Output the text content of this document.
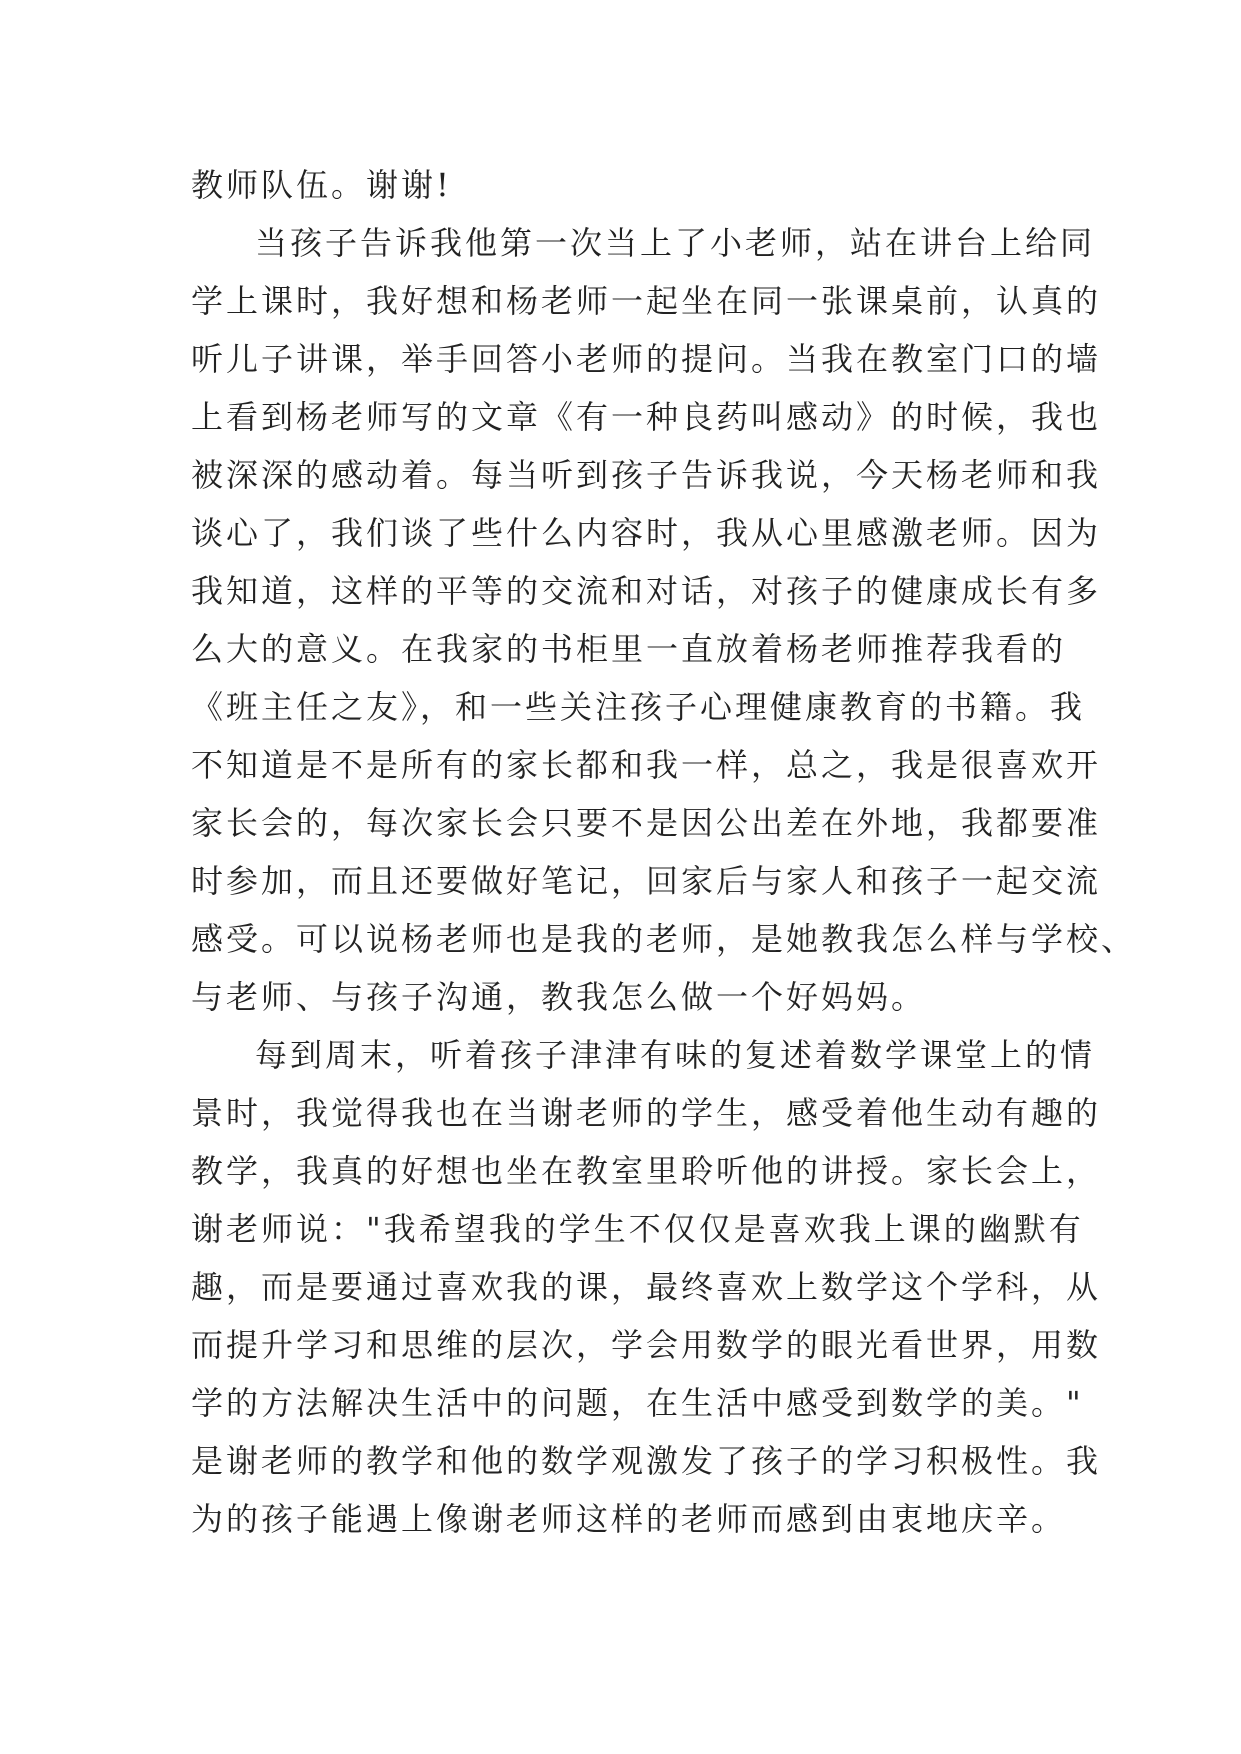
教师队伍。谢谢!
当孩子告诉我他第一次当上了小老师，站在讲台上给同
学上课时，我好想和杨老师一起坐在同一张课桌前，认真的
听儿子讲课，举手回答小老师的提问。当我在教室门口的墙
上看到杨老师写的文章《有一种良药叫感动》的时候，我也
被深深的感动着。每当听到孩子告诉我说，今天杨老师和我
谈心了，我们谈了些什么内容时，我从心里感激老师。因为
我知道，这样的平等的交流和对话，对孩子的健康成长有多
么大的意义。在我家的书柜里一直放着杨老师推荐我看的
《班主任之友》，和一些关注孩子心理健康教育的书籍。我
不知道是不是所有的家长都和我一样，总之，我是很喜欢开
家长会的，每次家长会只要不是因公出差在外地，我都要准
时参加，而且还要做好笔记，回家后与家人和孩子一起交流
感受。可以说杨老师也是我的老师，是她教我怎么样与学校、
与老师、与孩子沟通，教我怎么做一个好妈妈。
每到周末，听着孩子津津有味的复述着数学课堂上的情
景时，我觉得我也在当谢老师的学生，感受着他生动有趣的
教学，我真的好想也坐在教室里聆听他的讲授。家长会上，
谢老师说："我希望我的学生不仅仅是喜欢我上课的幽默有
趣，而是要通过喜欢我的课，最终喜欢上数学这个学科，从
而提升学习和思维的层次，学会用数学的眼光看世界，用数
学的方法解决生活中的问题，在生活中感受到数学的美。"
是谢老师的教学和他的数学观激发了孩子的学习积极性。我
为的孩子能遇上像谢老师这样的老师而感到由衷地庆辛。
